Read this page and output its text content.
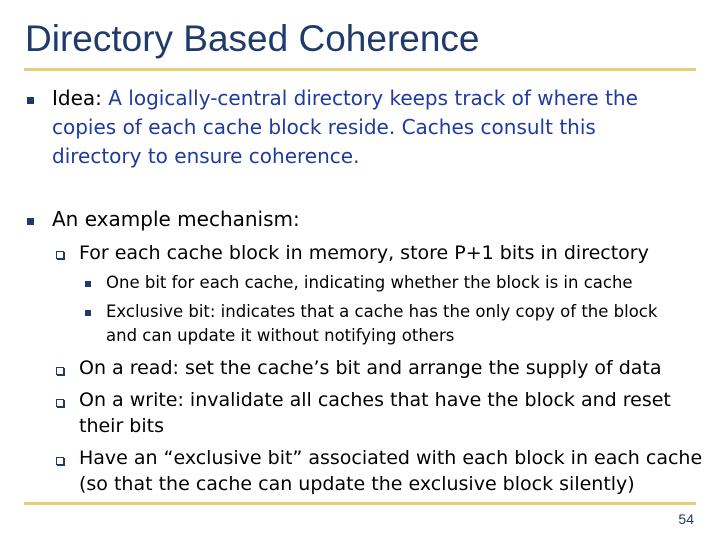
Directory Based Coherence
Idea: A logically-central directory keeps track of where the
copies of each cache block reside. Caches consult this
directory to ensure coherence.
An example mechanism:
For each cache block in memory, store P+1 bits in directory
One bit for each cache, indicating whether the block is in cache
Exclusive bit: indicates that a cache has the only copy of the block
and can update it without notifying others
On a read: set the cache’s bit and arrange the supply of data
On a write: invalidate all caches that have the block and reset
their bits
Have an “exclusive bit” associated with each block in each cache
(so that the cache can update the exclusive block silently)
54
